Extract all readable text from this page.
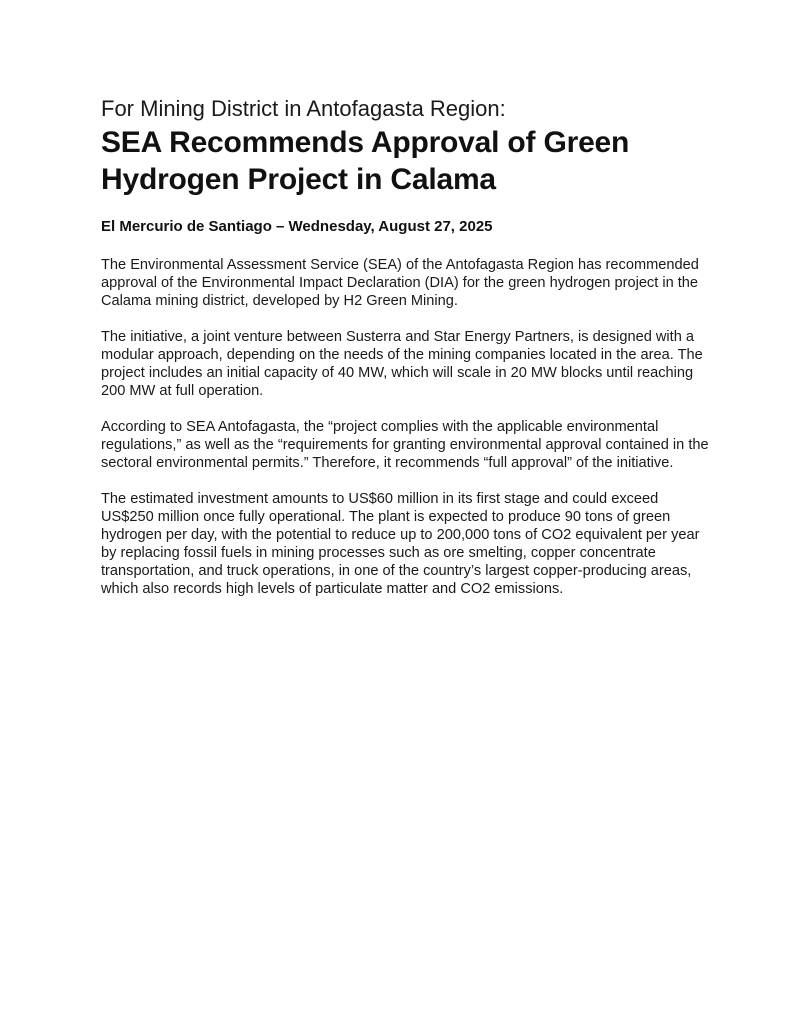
For Mining District in Antofagasta Region:
SEA Recommends Approval of Green Hydrogen Project in Calama

El Mercurio de Santiago – Wednesday, August 27, 2025

The Environmental Assessment Service (SEA) of the Antofagasta Region has recommended approval of the Environmental Impact Declaration (DIA) for the green hydrogen project in the Calama mining district, developed by H2 Green Mining.

The initiative, a joint venture between Susterra and Star Energy Partners, is designed with a modular approach, depending on the needs of the mining companies located in the area. The project includes an initial capacity of 40 MW, which will scale in 20 MW blocks until reaching 200 MW at full operation.

According to SEA Antofagasta, the “project complies with the applicable environmental regulations,” as well as the “requirements for granting environmental approval contained in the sectoral environmental permits.” Therefore, it recommends “full approval” of the initiative.

The estimated investment amounts to US$60 million in its first stage and could exceed US$250 million once fully operational. The plant is expected to produce 90 tons of green hydrogen per day, with the potential to reduce up to 200,000 tons of CO2 equivalent per year by replacing fossil fuels in mining processes such as ore smelting, copper concentrate transportation, and truck operations, in one of the country’s largest copper-producing areas, which also records high levels of particulate matter and CO2 emissions.
